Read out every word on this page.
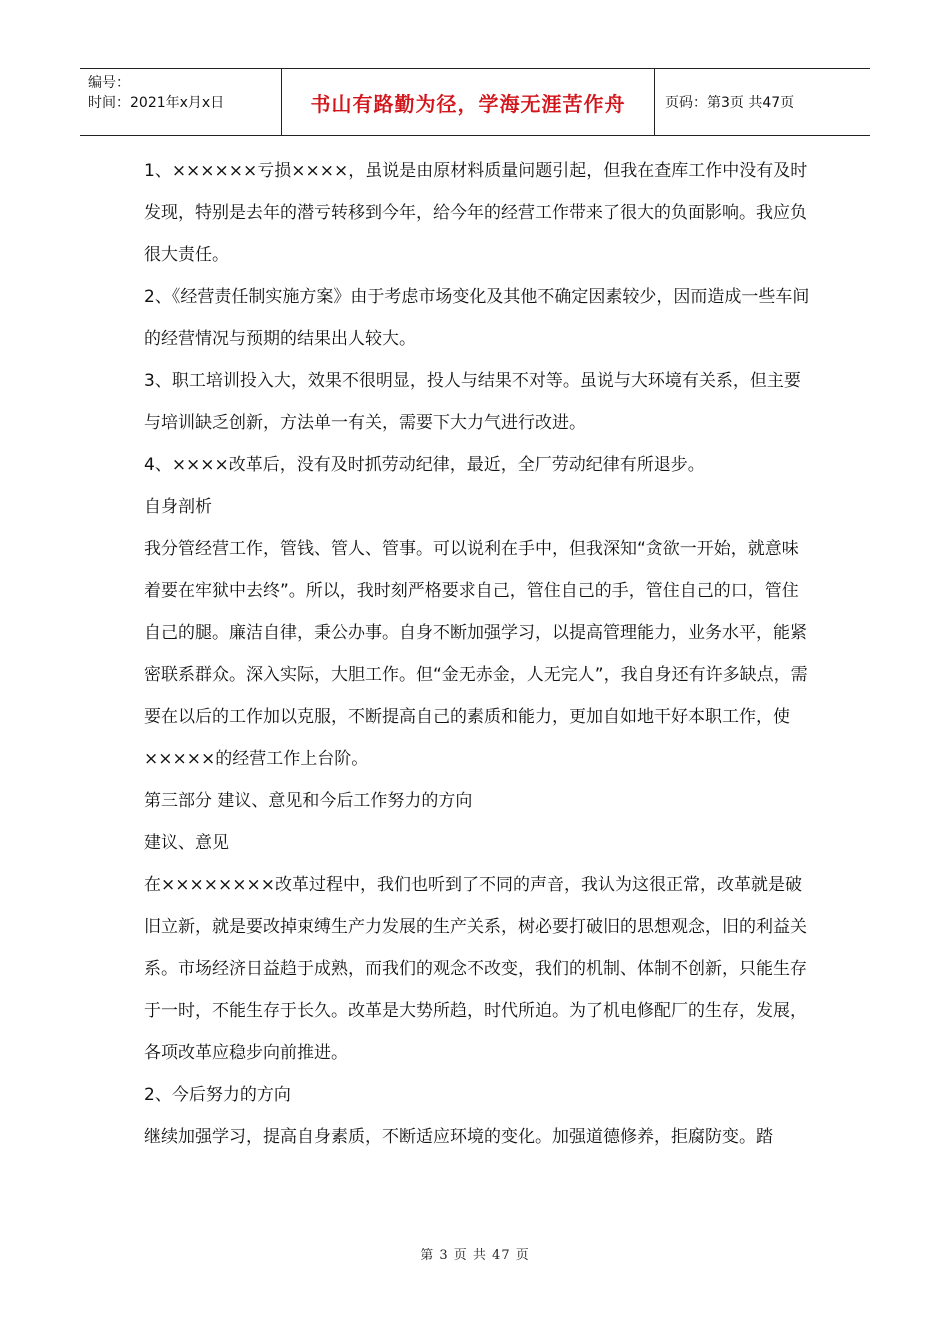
编号：
时间：2021年x月x日	书山有路勤为径，学海无涯苦作舟	页码：第3页 共47页

1、××××××亏损××××，虽说是由原材料质量问题引起，但我在查库工作中没有及时发现，特别是去年的潜亏转移到今年，给今年的经营工作带来了很大的负面影响。我应负很大责任。

2、《经营责任制实施方案》由于考虑市场变化及其他不确定因素较少，因而造成一些车间的经营情况与预期的结果出人较大。

3、职工培训投入大，效果不很明显，投人与结果不对等。虽说与大环境有关系，但主要与培训缺乏创新，方法单一有关，需要下大力气进行改进。

4、××××改革后，没有及时抓劳动纪律，最近，全厂劳动纪律有所退步。

自身剖析

我分管经营工作，管钱、管人、管事。可以说利在手中，但我深知“贪欲一开始，就意味着要在牢狱中去终”。所以，我时刻严格要求自己，管住自己的手，管住自己的口，管住自己的腿。廉洁自律，秉公办事。自身不断加强学习，以提高管理能力，业务水平，能紧密联系群众。深入实际，大胆工作。但“金无赤金，人无完人”，我自身还有许多缺点，需要在以后的工作加以克服，不断提高自己的素质和能力，更加自如地干好本职工作，使×××××的经营工作上台阶。

第三部分 建议、意见和今后工作努力的方向

建议、意见

在××××××××改革过程中，我们也听到了不同的声音，我认为这很正常，改革就是破旧立新，就是要改掉束缚生产力发展的生产关系，树必要打破旧的思想观念，旧的利益关系。市场经济日益趋于成熟，而我们的观念不改变，我们的机制、体制不创新，只能生存于一时，不能生存于长久。改革是大势所趋，时代所迫。为了机电修配厂的生存，发展，各项改革应稳步向前推进。

2、今后努力的方向

继续加强学习，提高自身素质，不断适应环境的变化。加强道德修养，拒腐防变。踏

第 3 页 共 47 页
